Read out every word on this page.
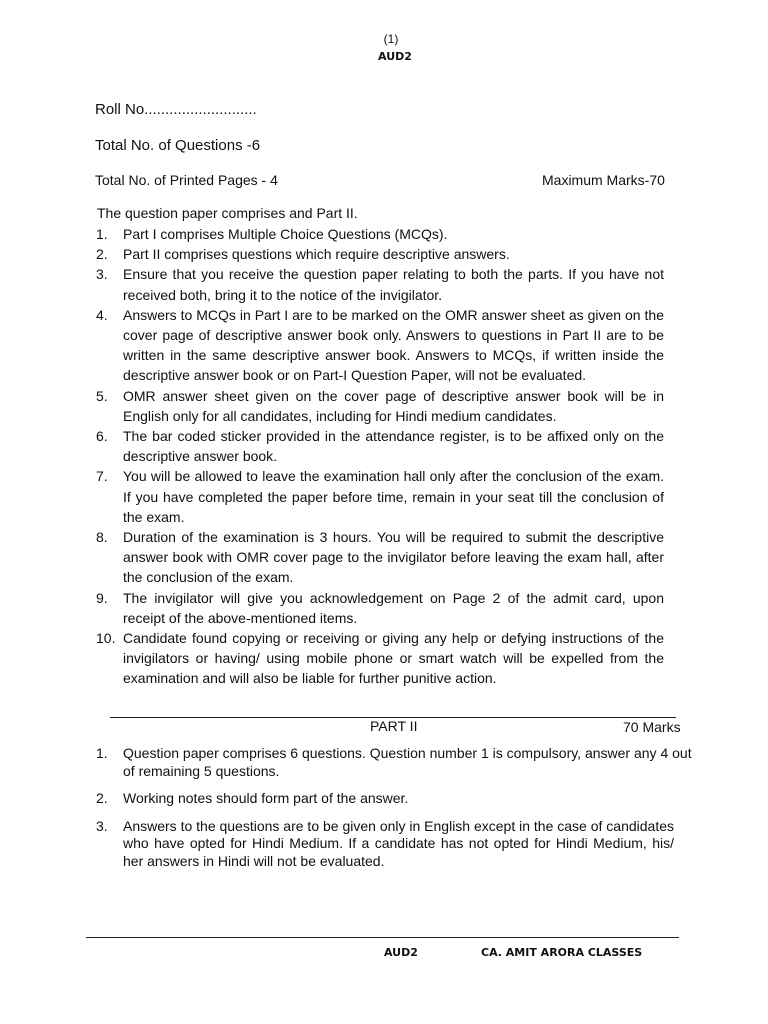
(1)
AUD2
Roll No...........................
Total No. of Questions -6
Total No. of Printed Pages - 4	Maximum Marks-70
The question paper comprises and Part II.
1. Part I comprises Multiple Choice Questions (MCQs).
2. Part II comprises questions which require descriptive answers.
3. Ensure that you receive the question paper relating to both the parts. If you have not received both, bring it to the notice of the invigilator.
4. Answers to MCQs in Part I are to be marked on the OMR answer sheet as given on the cover page of descriptive answer book only. Answers to questions in Part II are to be written in the same descriptive answer book. Answers to MCQs, if written inside the descriptive answer book or on Part-I Question Paper, will not be evaluated.
5. OMR answer sheet given on the cover page of descriptive answer book will be in English only for all candidates, including for Hindi medium candidates.
6. The bar coded sticker provided in the attendance register, is to be affixed only on the descriptive answer book.
7. You will be allowed to leave the examination hall only after the conclusion of the exam. If you have completed the paper before time, remain in your seat till the conclusion of the exam.
8. Duration of the examination is 3 hours. You will be required to submit the descriptive answer book with OMR cover page to the invigilator before leaving the exam hall, after the conclusion of the exam.
9. The invigilator will give you acknowledgement on Page 2 of the admit card, upon receipt of the above-mentioned items.
10. Candidate found copying or receiving or giving any help or defying instructions of the invigilators or having/ using mobile phone or smart watch will be expelled from the examination and will also be liable for further punitive action.
PART II	70 Marks
1. Question paper comprises 6 questions. Question number 1 is compulsory, answer any 4 out of remaining 5 questions.
2. Working notes should form part of the answer.
3. Answers to the questions are to be given only in English except in the case of candidates who have opted for Hindi Medium. If a candidate has not opted for Hindi Medium, his/ her answers in Hindi will not be evaluated.
AUD2	CA. AMIT ARORA CLASSES
